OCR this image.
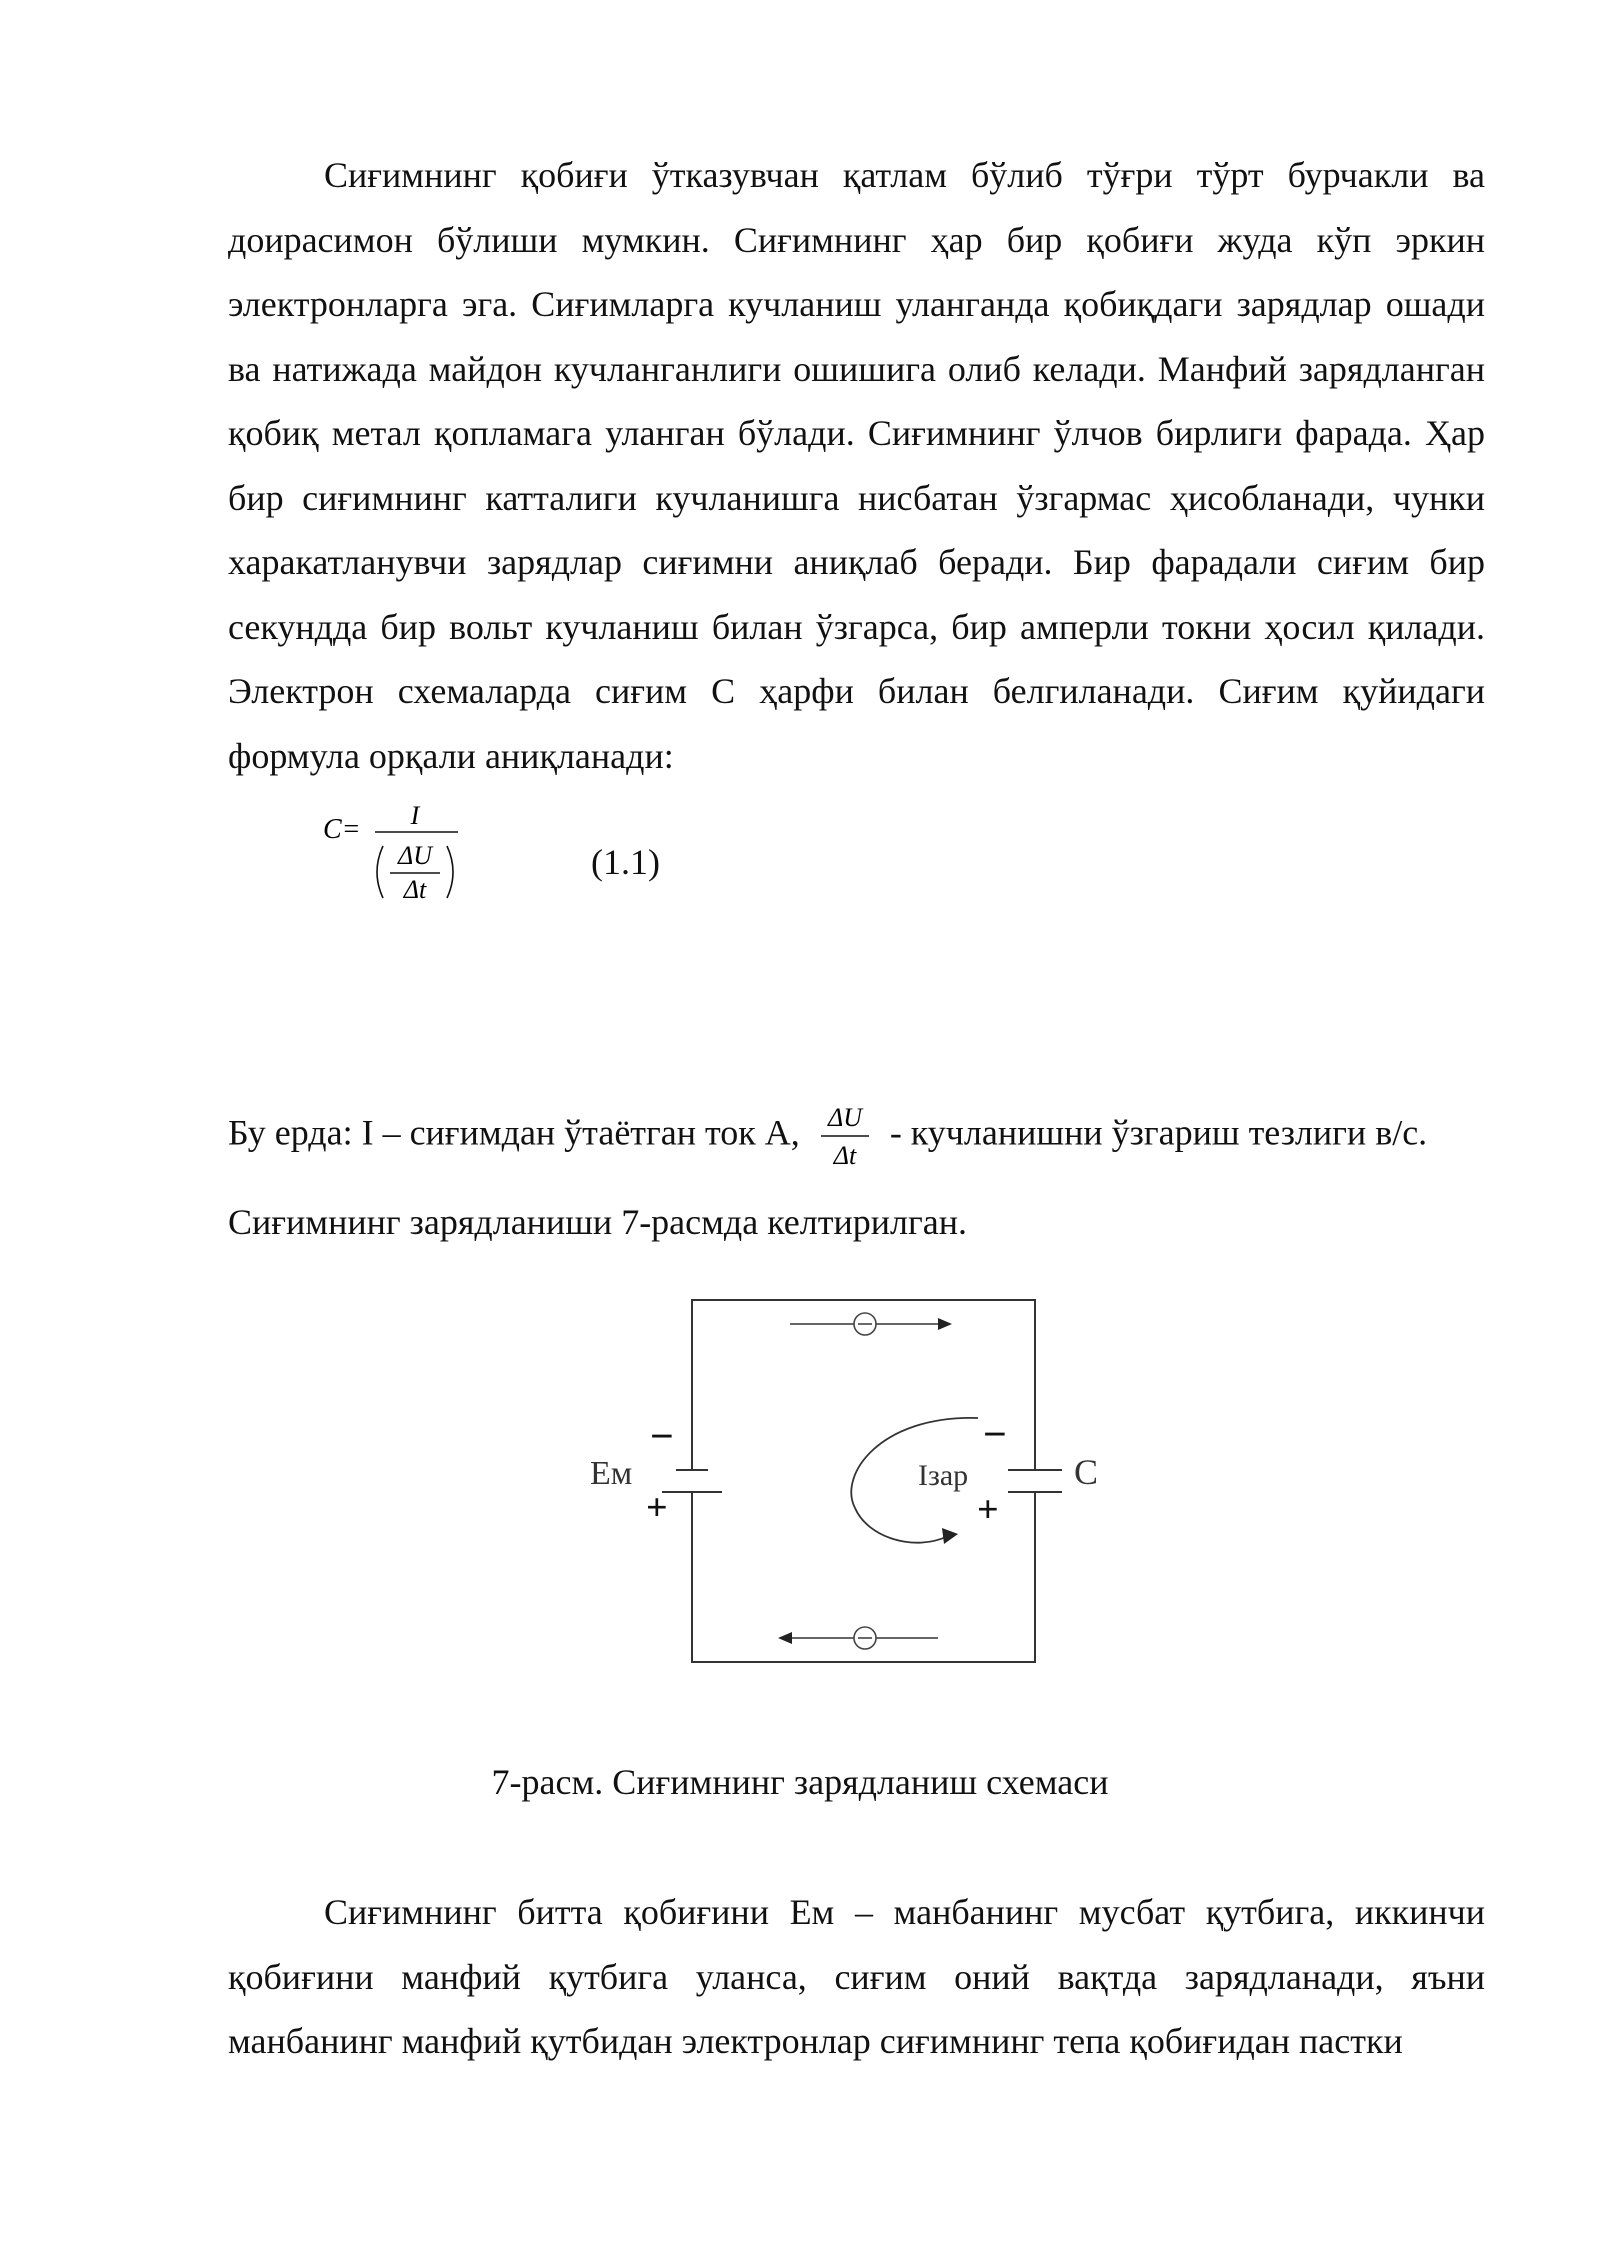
Сиғимнинг қобиғи ўтказувчан қатлам бўлиб тўғри тўрт бурчакли ва доирасимон бўлиши мумкин. Сиғимнинг ҳар бир қобиғи жуда кўп эркин электронларга эга. Сиғимларга кучланиш уланганда қобиқдаги зарядлар ошади ва натижада майдон кучланганлиги ошишига олиб келади. Манфий зарядланган қобиқ метал қопламага уланган бўлади. Сиғимнинг ўлчов бирлиги фарада. Ҳар бир сиғимнинг катталиги кучланишга нисбатан ўзгармас ҳисобланади, чунки харакатланувчи зарядлар сиғимни аниқлаб беради. Бир фарадали сиғим бир секундда бир вольт кучланиш билан ўзгарса, бир амперли токни ҳосил қилади. Электрон схемаларда сиғим С ҳарфи билан белгиланади. Сиғим қуйидаги формула орқали аниқланади:

C= I
ΔU
Δt
(1.1)

Бу ерда: I – сиғимдан ўтаётган ток А, ΔU
Δt
- кучланишни ўзгариш тезлиги в/с.

Сиғимнинг зарядланиши 7-расмда келтирилган.

Eм
−
+
C
−
+
Iзар

7-расм. Сиғимнинг зарядланиш схемаси

Сиғимнинг битта қобиғини Ем – манбанинг мусбат қутбига, иккинчи қобиғини манфий қутбига уланса, сиғим оний вақтда зарядланади, яъни манбанинг манфий қутбидан электронлар сиғимнинг тепа қобиғидан пастки
